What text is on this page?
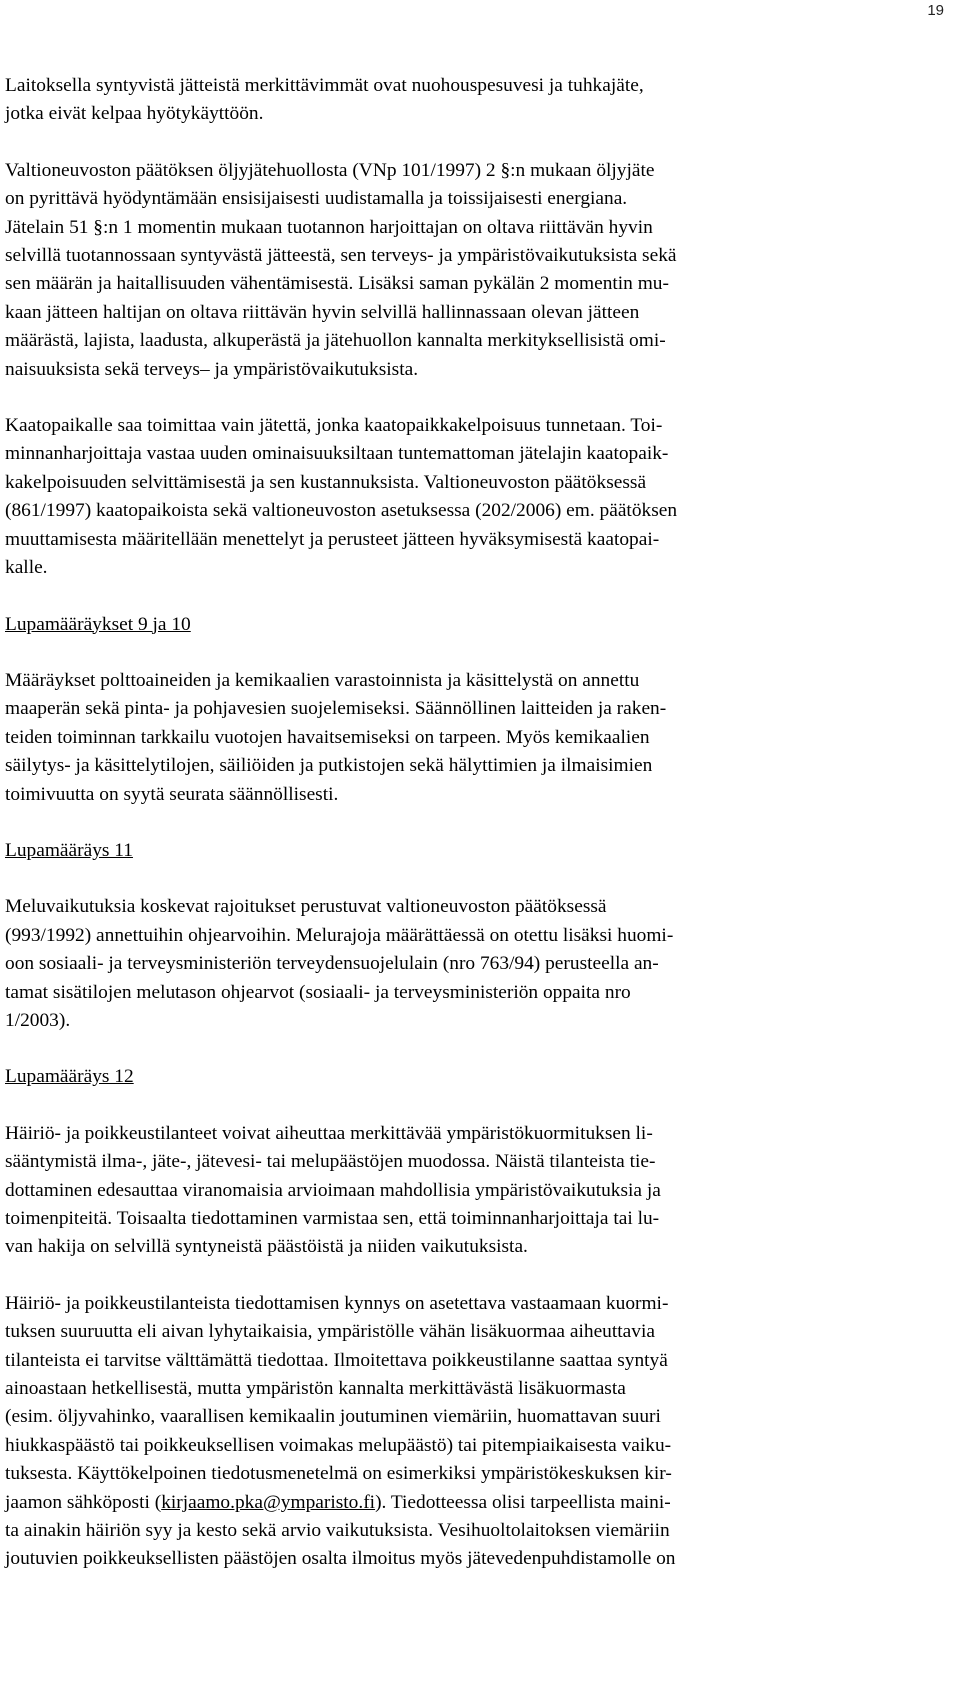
19
Laitoksella syntyvistä jätteistä merkittävimmät ovat nuohouspesuvesi ja tuhkajäte,
jotka eivät kelpaa hyötykäyttöön.
Valtioneuvoston päätöksen öljyjätehuollosta (VNp 101/1997) 2 §:n mukaan öljyjäte
on pyrittävä hyödyntämään ensisijaisesti uudistamalla ja toissijaisesti energiana.
Jätelain 51 §:n 1 momentin mukaan tuotannon harjoittajan on oltava riittävän hyvin
selvillä tuotannossaan syntyvästä jätteestä, sen terveys- ja ympäristövaikutuksista sekä
sen määrän ja haitallisuuden vähentämisestä. Lisäksi saman pykälän 2 momentin mu-
kaan jätteen haltijan on oltava riittävän hyvin selvillä hallinnassaan olevan jätteen
määrästä, lajista, laadusta, alkuperästä ja jätehuollon kannalta merkityksellisistä omi-
naisuuksista sekä terveys– ja ympäristövaikutuksista.
Kaatopaikalle saa toimittaa vain jätettä, jonka kaatopaikkakelpoisuus tunnetaan. Toi-
minnanharjoittaja vastaa uuden ominaisuuksiltaan tuntemattoman jätelajin kaatopaik-
kakelpoisuuden selvittämisestä ja sen kustannuksista. Valtioneuvoston päätöksessä
(861/1997) kaatopaikoista sekä valtioneuvoston asetuksessa (202/2006) em. päätöksen
muuttamisesta määritellään menettelyt ja perusteet jätteen hyväksymisestä kaatopai-
kalle.
Lupamääräykset 9 ja 10
Määräykset polttoaineiden ja kemikaalien varastoinnista ja käsittelystä on annettu
maaperän sekä pinta- ja pohjavesien suojelemiseksi. Säännöllinen laitteiden ja raken-
teiden toiminnan tarkkailu vuotojen havaitsemiseksi on tarpeen. Myös kemikaalien
säilytys- ja käsittelytilojen, säiliöiden ja putkistojen sekä hälyttimien ja ilmaisimien
toimivuutta on syytä seurata säännöllisesti.
Lupamääräys 11
Meluvaikutuksia koskevat rajoitukset perustuvat valtioneuvoston päätöksessä
(993/1992) annettuihin ohjearvoihin. Melurajoja määrättäessä on otettu lisäksi huomi-
oon sosiaali- ja terveysministeriön terveydensuojelulain (nro 763/94) perusteella an-
tamat sisätilojen melutason ohjearvot (sosiaali- ja terveysministeriön oppaita nro
1/2003).
Lupamääräys 12
Häiriö- ja poikkeustilanteet voivat aiheuttaa merkittävää ympäristökuormituksen li-
sääntymistä ilma-, jäte-, jätevesi- tai melupäästöjen muodossa. Näistä tilanteista tie-
dottaminen edesauttaa viranomaisia arvioimaan mahdollisia ympäristövaikutuksia ja
toimenpiteitä. Toisaalta tiedottaminen varmistaa sen, että toiminnanharjoittaja tai lu-
van hakija on selvillä syntyneistä päästöistä ja niiden vaikutuksista.
Häiriö- ja poikkeustilanteista tiedottamisen kynnys on asetettava vastaamaan kuormi-
tuksen suuruutta eli aivan lyhytaikaisia, ympäristölle vähän lisäkuormaa aiheuttavia
tilanteista ei tarvitse välttämättä tiedottaa. Ilmoitettava poikkeustilanne saattaa syntyä
ainoastaan hetkellisestä, mutta ympäristön kannalta merkittävästä lisäkuormasta
(esim. öljyvahinko, vaarallisen kemikaalin joutuminen viemäriin, huomattavan suuri
hiukkaspäästö tai poikkeuksellisen voimakas melupäästö) tai pitempiaikaisesta vaiku-
tuksesta. Käyttökelpoinen tiedotusmenetelmä on esimerkiksi ympäristökeskuksen kir-
jaamon sähköposti (kirjaamo.pka@ymparisto.fi). Tiedotteessa olisi tarpeellista maini-
ta ainakin häiriön syy ja kesto sekä arvio vaikutuksista. Vesihuoltolaitoksen viemäriin
joutuvien poikkeuksellisten päästöjen osalta ilmoitus myös jätevedenpuhdistamolle on
